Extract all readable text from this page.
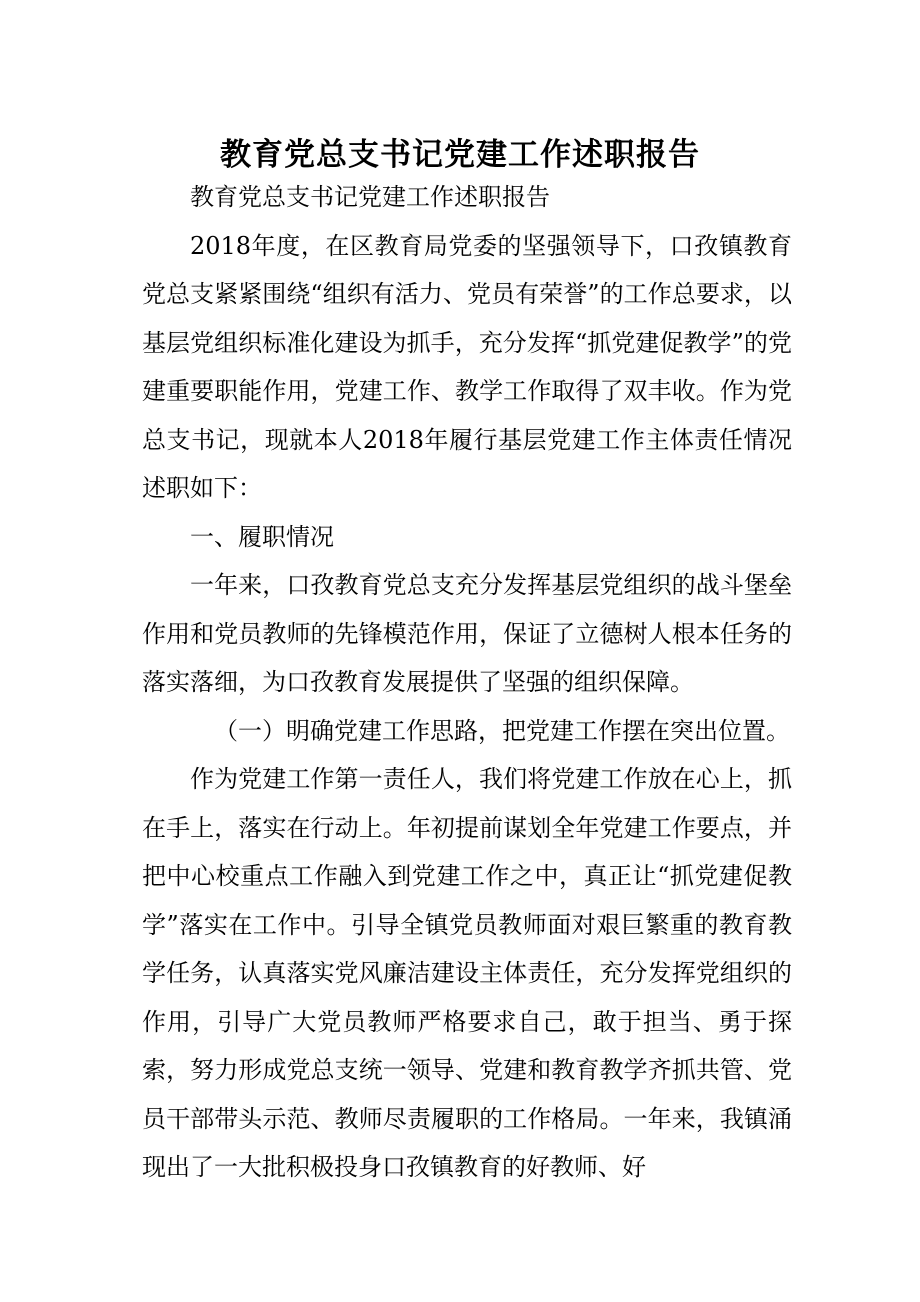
教育党总支书记党建工作述职报告

教育党总支书记党建工作述职报告

2018年度，在区教育局党委的坚强领导下，口孜镇教育党总支紧紧围绕“组织有活力、党员有荣誉”的工作总要求，以基层党组织标准化建设为抓手，充分发挥“抓党建促教学”的党建重要职能作用，党建工作、教学工作取得了双丰收。作为党总支书记，现就本人2018年履行基层党建工作主体责任情况述职如下：

一、履职情况

一年来，口孜教育党总支充分发挥基层党组织的战斗堡垒作用和党员教师的先锋模范作用，保证了立德树人根本任务的落实落细，为口孜教育发展提供了坚强的组织保障。

（一）明确党建工作思路，把党建工作摆在突出位置。

作为党建工作第一责任人，我们将党建工作放在心上，抓在手上，落实在行动上。年初提前谋划全年党建工作要点，并把中心校重点工作融入到党建工作之中，真正让“抓党建促教学”落实在工作中。引导全镇党员教师面对艰巨繁重的教育教学任务，认真落实党风廉洁建设主体责任，充分发挥党组织的作用，引导广大党员教师严格要求自己，敢于担当、勇于探索，努力形成党总支统一领导、党建和教育教学齐抓共管、党员干部带头示范、教师尽责履职的工作格局。一年来，我镇涌现出了一大批积极投身口孜镇教育的好教师、好
